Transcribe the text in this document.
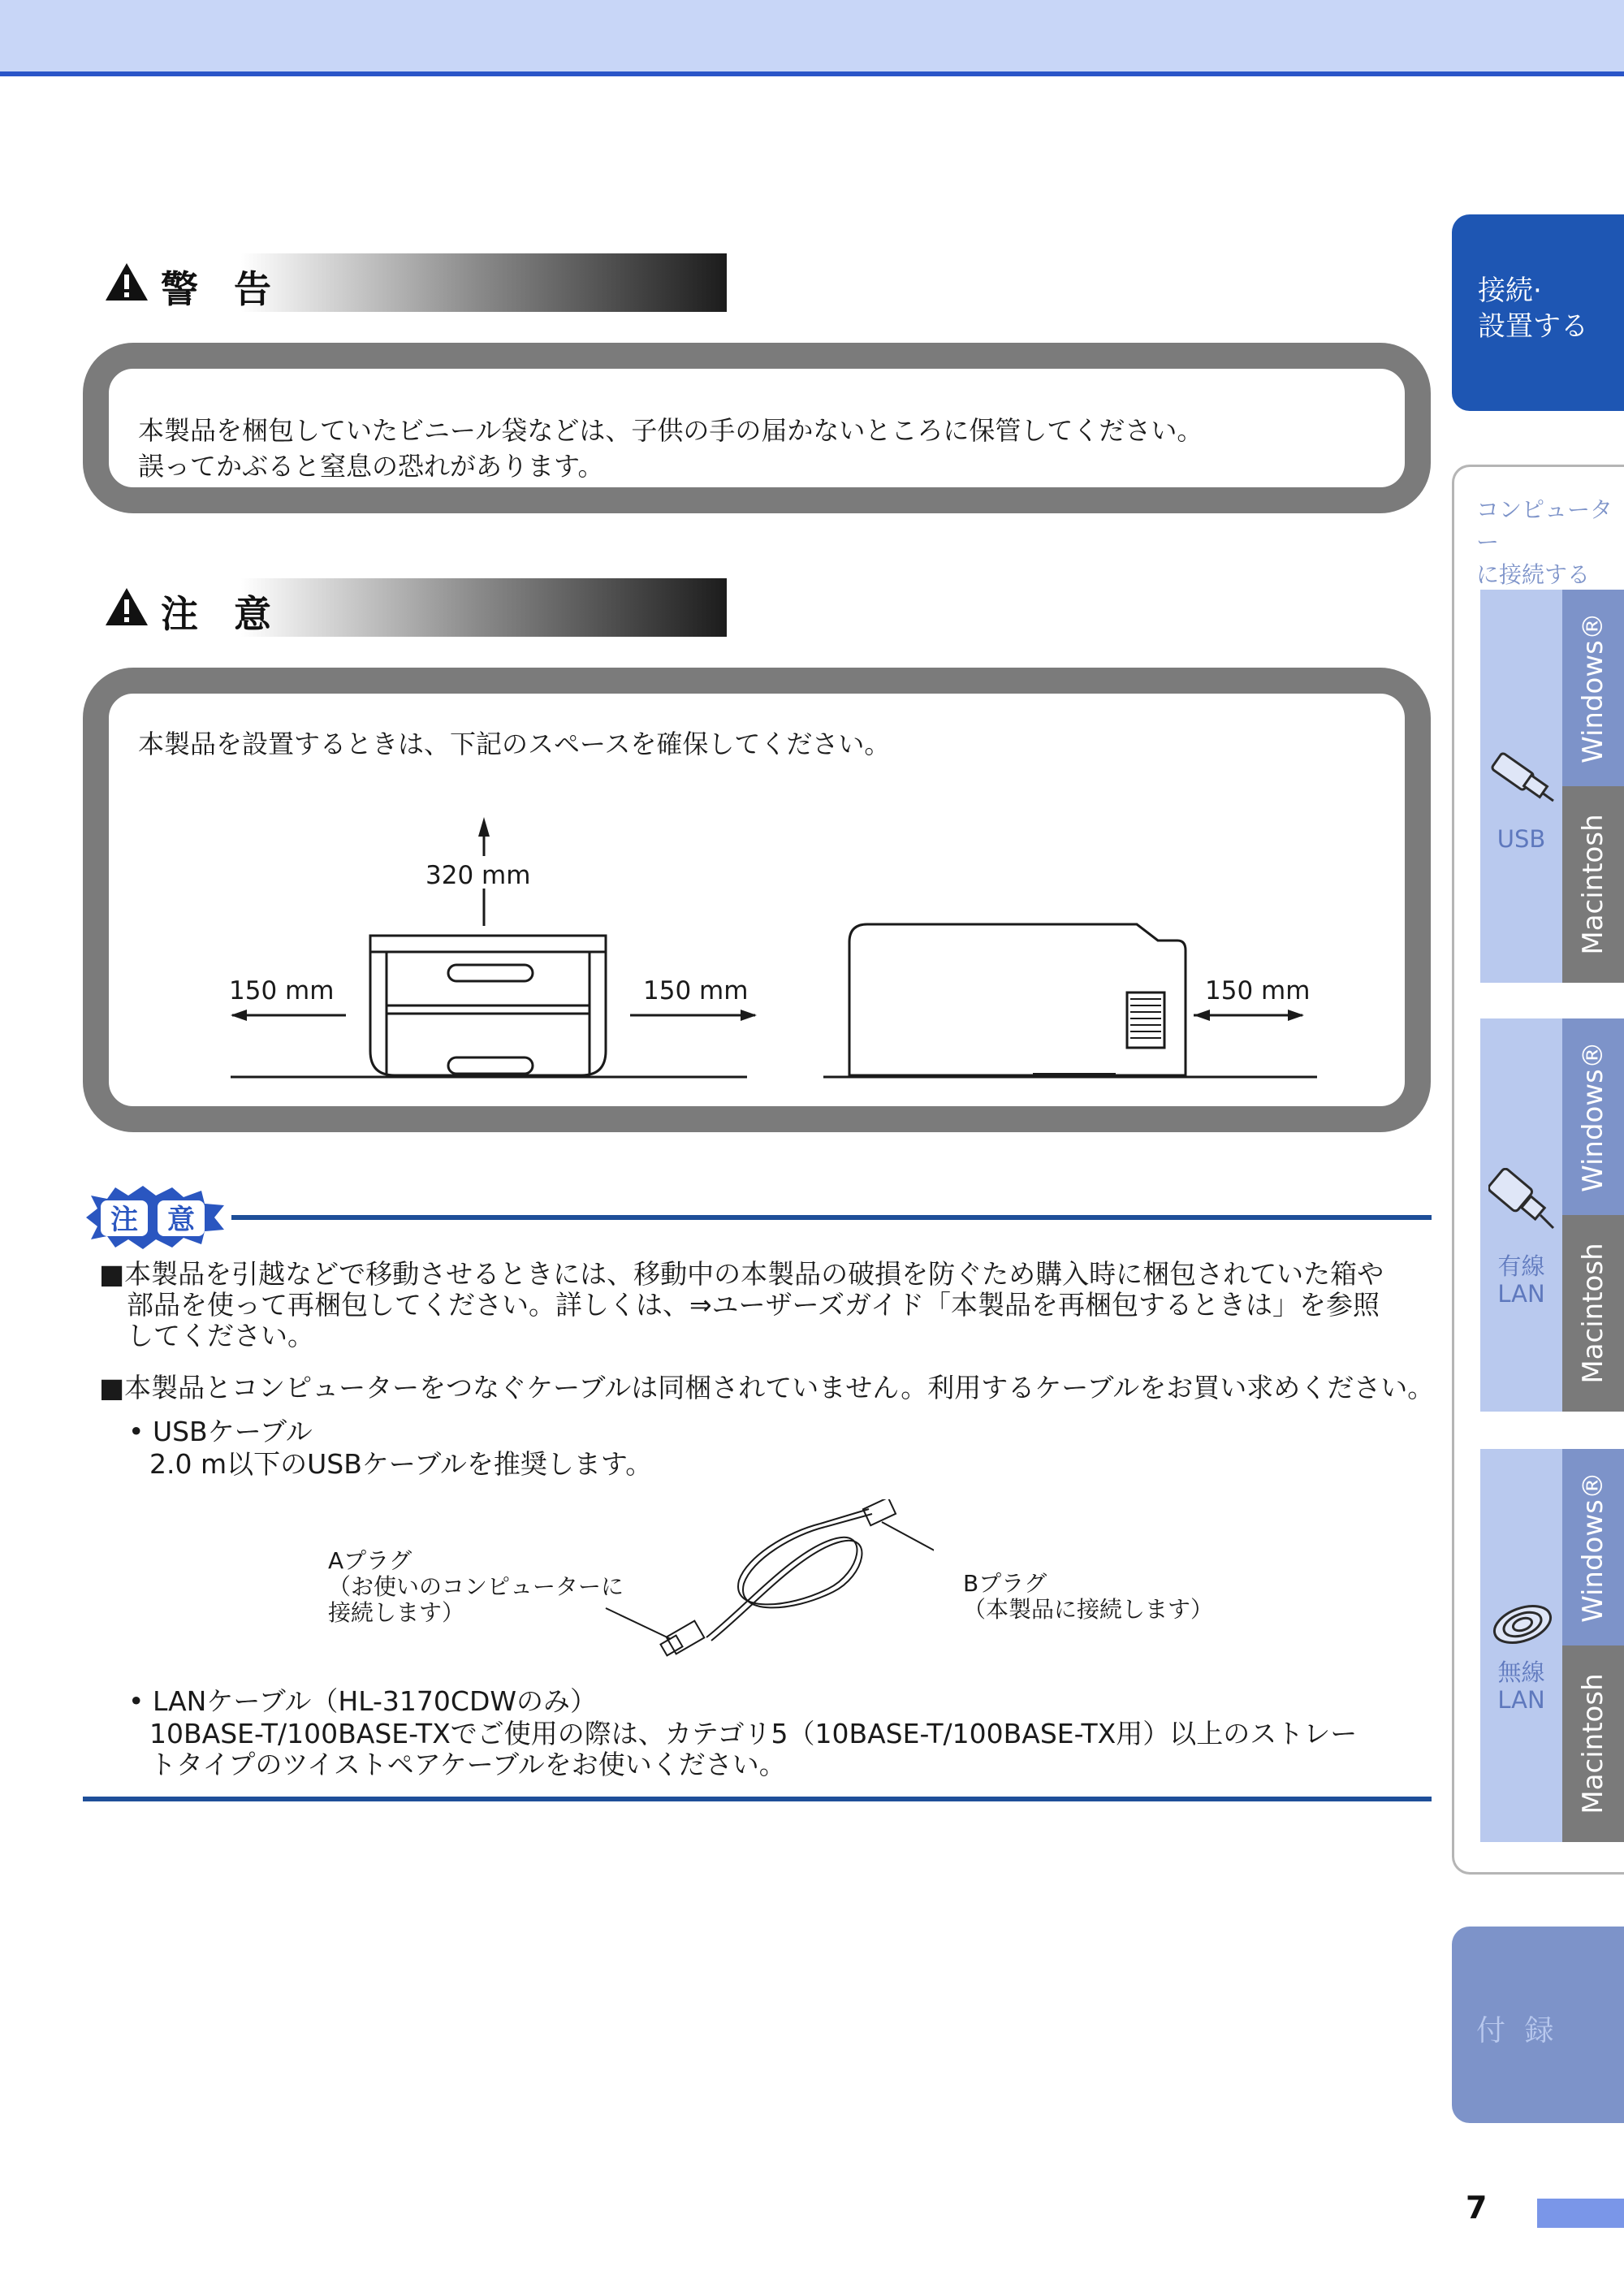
警 告
本製品を梱包していたビニール袋などは、子供の手の届かないところに保管してください。
誤ってかぶると窒息の恐れがあります。
注 意
本製品を設置するときは、下記のスペースを確保してください。
320 mm
150 mm	150 mm	150 mm
注 意
■本製品を引越などで移動させるときには、移動中の本製品の破損を防ぐため購入時に梱包されていた箱や
部品を使って再梱包してください。詳しくは、⇒ユーザーズガイド「本製品を再梱包するときは」を参照
してください。
■本製品とコンピューターをつなぐケーブルは同梱されていません。利用するケーブルをお買い求めください。
• USBケーブル
2.0 m以下のUSBケーブルを推奨します。
Aプラグ
（お使いのコンピューターに
接続します）
Bプラグ
（本製品に接続します）
• LANケーブル（HL-3170CDWのみ）
10BASE-T/100BASE-TXでご使用の際は、カテゴリ5（10BASE-T/100BASE-TX用）以上のストレー
トタイプのツイストペアケーブルをお使いください。
接続·
設置する
コンピューター
に接続する
Windows®
Macintosh
USB
Windows®
Macintosh
有線
LAN
Windows®
Macintosh
無線
LAN
付 録
7
